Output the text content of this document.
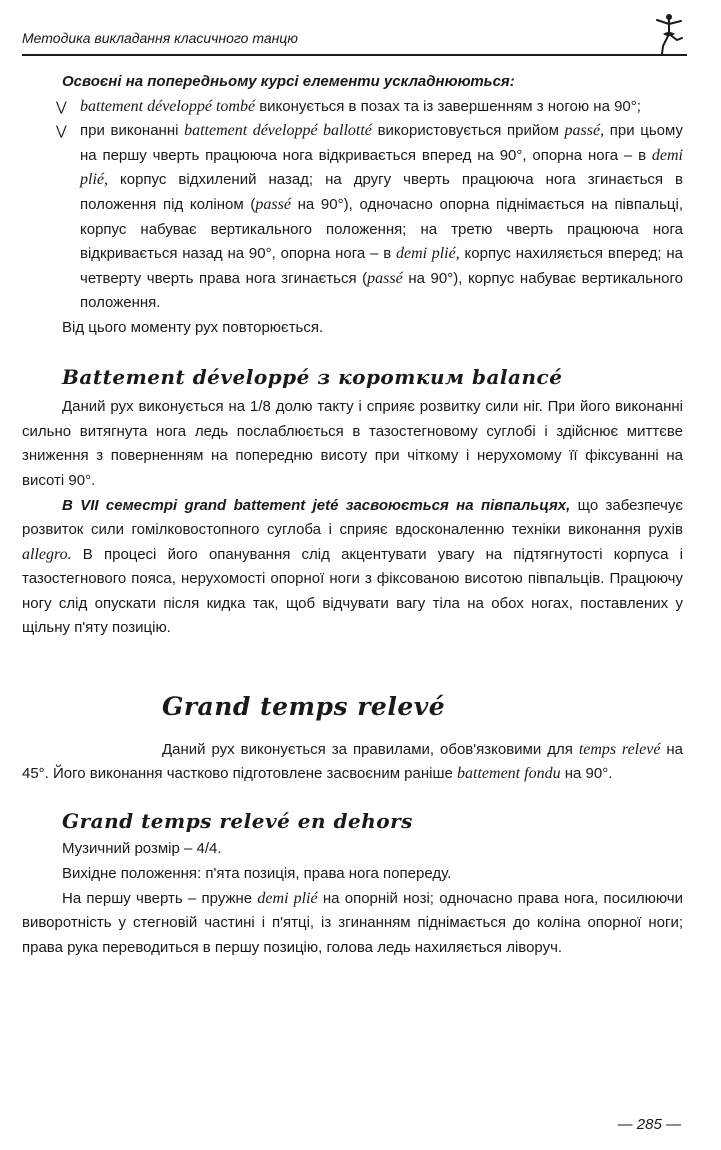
Методика викладання класичного танцю

Освоєні на попередньому курсі елементи ускладнюються:

⋁ battement développé tombé виконується в позах та із завершенням з ногою на 90°;
⋁ при виконанні battement développé ballotté використовується прийом passé, при цьому на першу чверть працююча нога відкривається вперед на 90°, опорна нога – в demi plié, корпус відхилений назад; на другу чверть працююча нога згинається в положення під коліном (passé на 90°), одночасно опорна піднімається на півпальці, корпус набуває вертикального положення; на третю чверть працююча нога відкривається назад на 90°, опорна нога – в demi plié, корпус нахиляється вперед; на четверту чверть права нога згинається (passé на 90°), корпус набуває вертикального положення.

Від цього моменту рух повторюється.

Battement développé з коротким balancé

Даний рух виконується на 1/8 долю такту і сприяє розвитку сили ніг. При його виконанні сильно витягнута нога ледь послаблюється в тазостегновому суглобі і здійснює миттєве зниження з поверненням на попередню висоту при чіткому і нерухомому її фіксуванні на висоті 90°.

В VII семестрі grand battement jeté засвоюється на півпальцях, що забезпечує розвиток сили гомілковостопного суглоба і сприяє вдосконаленню техніки виконання рухів allegro. В процесі його опанування слід акцентувати увагу на підтягнутості корпуса і тазостегнового пояса, нерухомості опорної ноги з фіксованою висотою півпальців. Працюючу ногу слід опускати після кидка так, щоб відчувати вагу тіла на обох ногах, поставлених у щільну п'яту позицію.

Grand temps relevé

Даний рух виконується за правилами, обов'язковими для temps relevé на 45°. Його виконання частково підготовлене засвоєним раніше battement fondu на 90°.

Grand temps relevé en dehors

Музичний розмір – 4/4.

Вихідне положення: п'ята позиція, права нога попереду.

На першу чверть – пружне demi plié на опорній нозі; одночасно права нога, посилюючи виворотність у стегновій частині і п'ятці, із згинанням піднімається до коліна опорної ноги; права рука переводиться в першу позицію, голова ледь нахиляється ліворуч.

— 285 —
